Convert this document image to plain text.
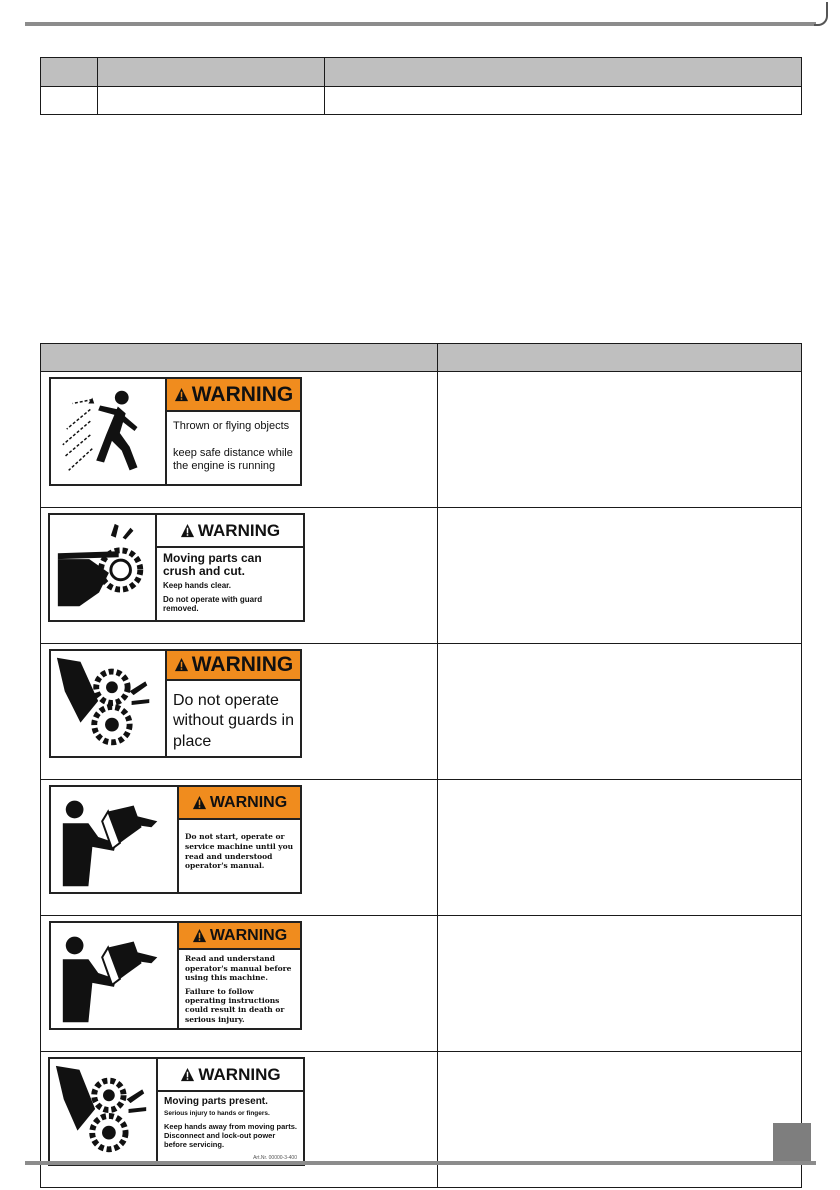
WARNING
Thrown or flying objects
keep safe distance while the engine is running	

WARNING
Moving parts can crush and cut.
Keep hands clear.
Do not operate with guard removed.	

WARNING
Do not operate without guards in place	

WARNING
Do not start, operate or service machine until you read and understood operator's manual.	

WARNING
Read and understand operator's manual before using this machine.
Failure to follow operating instructions could result in death or serious injury.	

WARNING
Moving parts present.
Serious injury to hands or fingers.
Keep hands away from moving parts. Disconnect and lock-out power before servicing.
Art.Nr. 00000-3-400	
